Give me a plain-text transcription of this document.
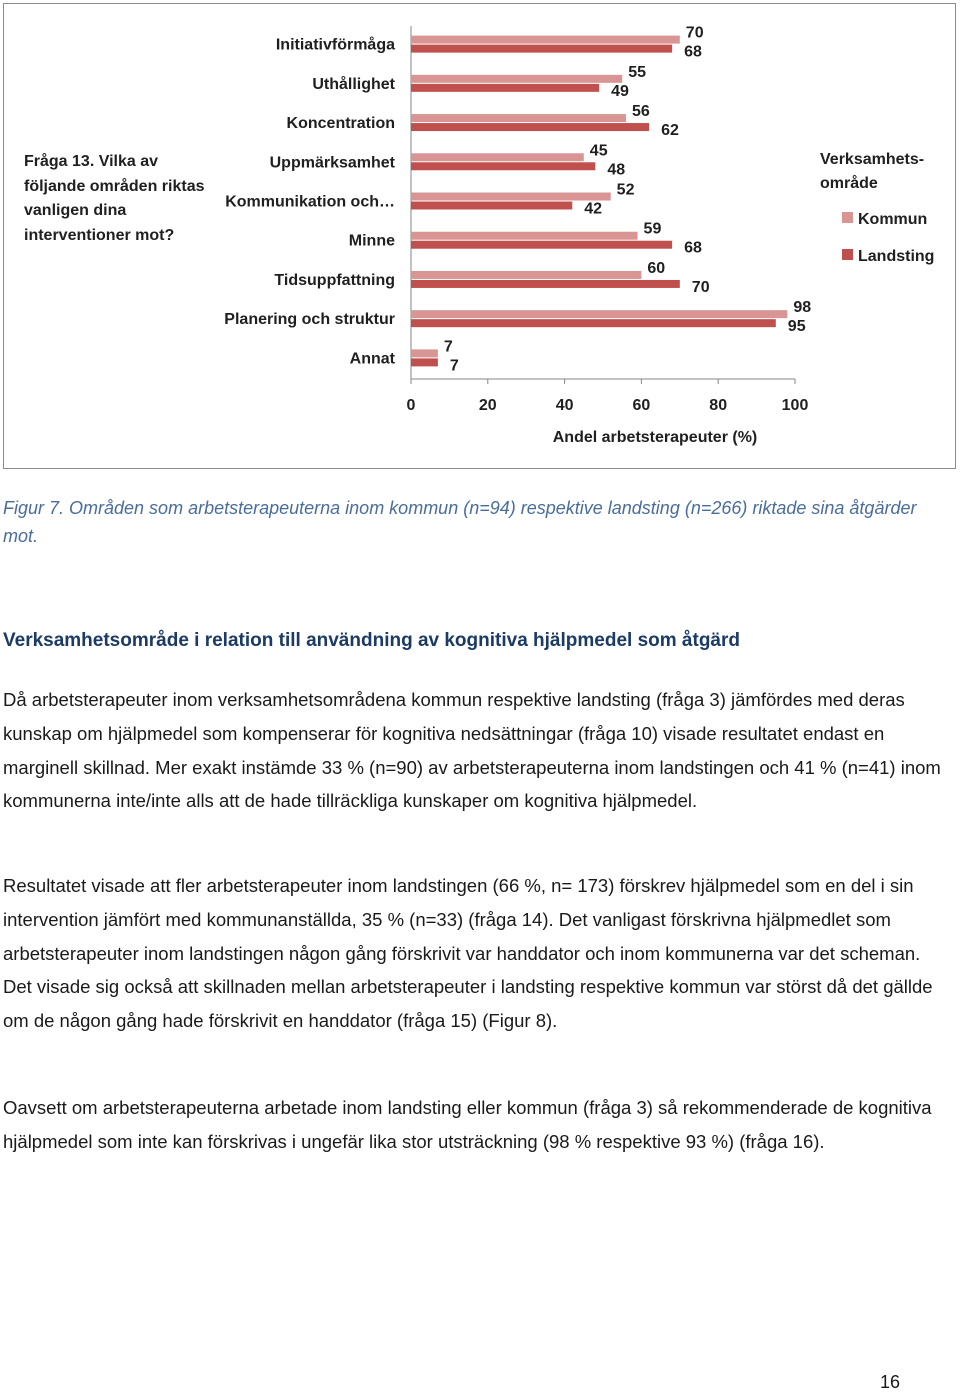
0	20	40	60	80	100
Andel arbetsterapeuter (%)
Initiativförmåga
70
68
Uthållighet
55
49
Koncentration
56
62
Uppmärksamhet
45
48
Kommunikation och…
52
42
Minne
59
68
Tidsuppfattning
60
70
Planering och struktur
98
95
Annat
7
7
Verksamhets-
område
Kommun
Landsting
Fråga 13. Vilka av följande områden riktas vanligen dina interventioner mot?
Figur 7. Områden som arbetsterapeuterna inom kommun (n=94) respektive landsting (n=266) riktade sina åtgärder mot.
Verksamhetsområde i relation till användning av kognitiva hjälpmedel som åtgärd
Då arbetsterapeuter inom verksamhetsområdena kommun respektive landsting (fråga 3) jämfördes med deras kunskap om hjälpmedel som kompenserar för kognitiva nedsättningar (fråga 10) visade resultatet endast en marginell skillnad. Mer exakt instämde 33 % (n=90) av arbetsterapeuterna inom landstingen och 41 % (n=41) inom kommunerna inte/inte alls att de hade tillräckliga kunskaper om kognitiva hjälpmedel.
Resultatet visade att fler arbetsterapeuter inom landstingen (66 %, n= 173) förskrev hjälpmedel som en del i sin intervention jämfört med kommunanställda, 35 % (n=33) (fråga 14). Det vanligast förskrivna hjälpmedlet som arbetsterapeuter inom landstingen någon gång förskrivit var handdator och inom kommunerna var det scheman. Det visade sig också att skillnaden mellan arbetsterapeuter i landsting respektive kommun var störst då det gällde om de någon gång hade förskrivit en handdator (fråga 15) (Figur 8).
Oavsett om arbetsterapeuterna arbetade inom landsting eller kommun (fråga 3) så rekommenderade de kognitiva hjälpmedel som inte kan förskrivas i ungefär lika stor utsträckning (98 % respektive 93 %) (fråga 16).
16
